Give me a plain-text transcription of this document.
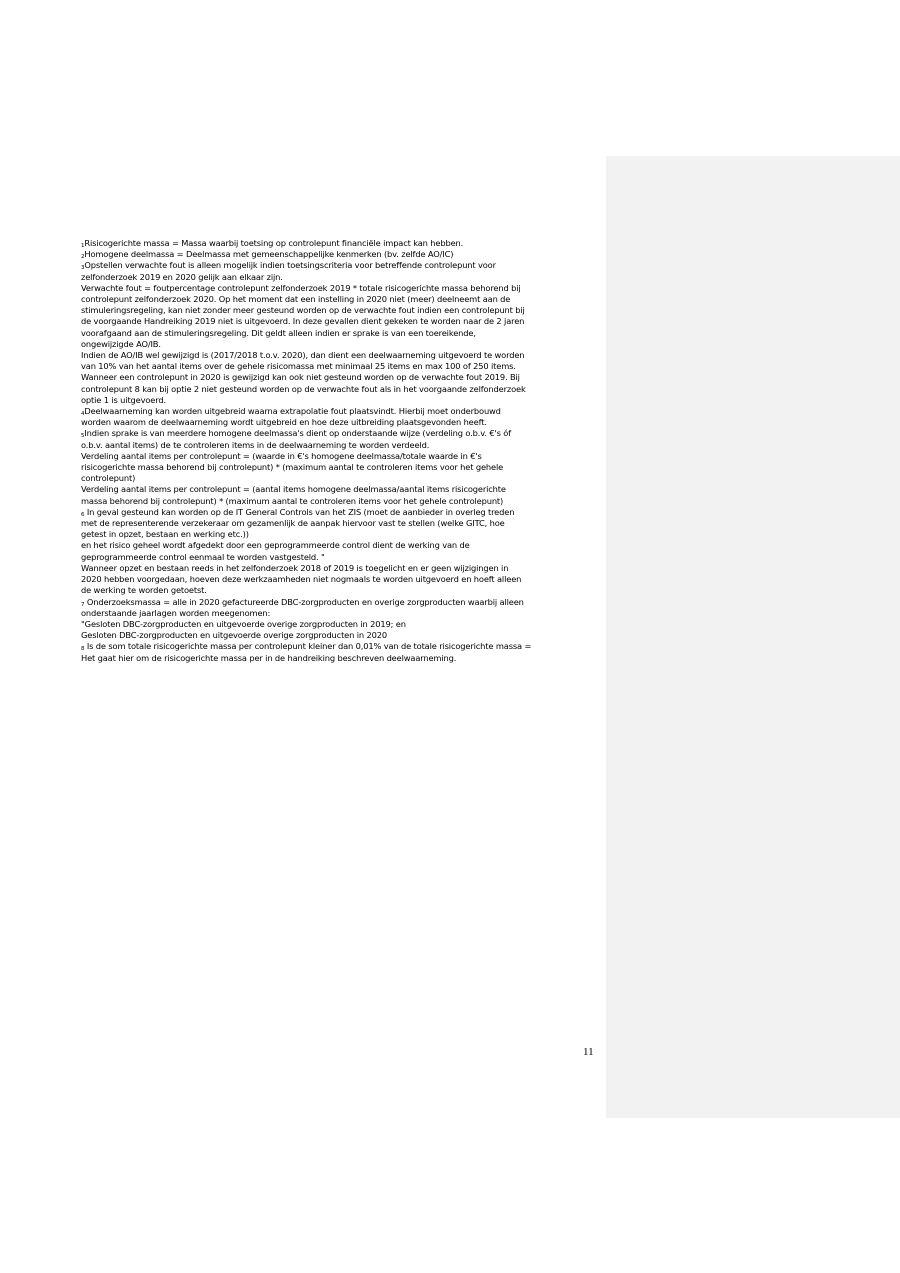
$_1$Risicogerichte massa = Massa waarbij toetsing op controlepunt financiële impact kan hebben.
$_2$Homogene deelmassa = Deelmassa met gemeenschappelijke kenmerken (bv. zelfde AO/IC)
$_3$Opstellen verwachte fout is alleen mogelijk indien toetsingscriteria voor betreffende controlepunt voor
zelfonderzoek 2019 en 2020 gelijk aan elkaar zijn.
Verwachte fout = foutpercentage controlepunt zelfonderzoek 2019 * totale risicogerichte massa behorend bij
controlepunt zelfonderzoek 2020. Op het moment dat een instelling in 2020 niet (meer) deelneemt aan de
stimuleringsregeling, kan niet zonder meer gesteund worden op de verwachte fout indien een controlepunt bij
de voorgaande Handreiking 2019 niet is uitgevoerd. In deze gevallen dient gekeken te worden naar de 2 jaren
voorafgaand aan de stimuleringsregeling. Dit geldt alleen indien er sprake is van een toereikende,
ongewijzigde AO/IB.
Indien de AO/IB wel gewijzigd is (2017/2018 t.o.v. 2020), dan dient een deelwaarneming uitgevoerd te worden
van 10% van het aantal items over de gehele risicomassa met minimaal 25 items en max 100 of 250 items.
Wanneer een controlepunt in 2020 is gewijzigd kan ook niet gesteund worden op de verwachte fout 2019. Bij
controlepunt 8 kan bij optie 2 niet gesteund worden op de verwachte fout als in het voorgaande zelfonderzoek
optie 1 is uitgevoerd.
$_4$Deelwaarneming kan worden uitgebreid waarna extrapolatie fout plaatsvindt. Hierbij moet onderbouwd
worden waarom de deelwaarneming wordt uitgebreid en hoe deze uitbreiding plaatsgevonden heeft.
$_5$Indien sprake is van meerdere homogene deelmassa's dient op onderstaande wijze (verdeling o.b.v. €'s óf
o.b.v. aantal items) de te controleren items in de deelwaarneming te worden verdeeld.
Verdeling aantal items per controlepunt = (waarde in €'s homogene deelmassa/totale waarde in €'s
risicogerichte massa behorend bij controlepunt) * (maximum aantal te controleren items voor het gehele
controlepunt)
Verdeling aantal items per controlepunt = (aantal items homogene deelmassa/aantal items risicogerichte
massa behorend bij controlepunt) * (maximum aantal te controleren items voor het gehele controlepunt)
$_6$ In geval gesteund kan worden op de IT General Controls van het ZIS (moet de aanbieder in overleg treden
met de representerende verzekeraar om gezamenlijk de aanpak hiervoor vast te stellen (welke GITC, hoe
getest in opzet, bestaan en werking etc.))
en het risico geheel wordt afgedekt door een geprogrammeerde control dient de werking van de
geprogrammeerde control eenmaal te worden vastgesteld. "
Wanneer opzet en bestaan reeds in het zelfonderzoek 2018 of 2019 is toegelicht en er geen wijzigingen in
2020 hebben voorgedaan, hoeven deze werkzaamheden niet nogmaals te worden uitgevoerd en hoeft alleen
de werking te worden getoetst.
$_7$ Onderzoeksmassa = alle in 2020 gefactureerde DBC-zorgproducten en overige zorgproducten waarbij alleen
onderstaande jaarlagen worden meegenomen:
"Gesloten DBC-zorgproducten en uitgevoerde overige zorgproducten in 2019; en
Gesloten DBC-zorgproducten en uitgevoerde overige zorgproducten in 2020
$_8$ Is de som totale risicogerichte massa per controlepunt kleiner dan 0,01% van de totale risicogerichte massa =
Het gaat hier om de risicogerichte massa per in de handreiking beschreven deelwaarneming.
11
